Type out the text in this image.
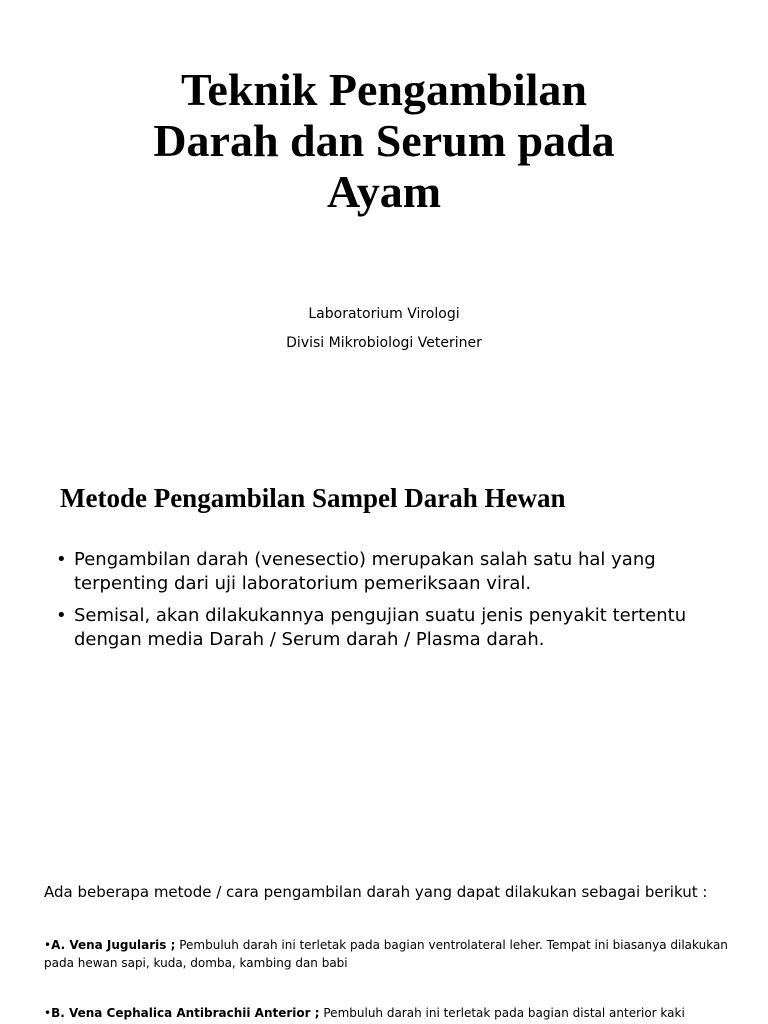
Teknik Pengambilan
Darah dan Serum pada
Ayam
Laboratorium Virologi
Divisi Mikrobiologi Veteriner
Metode Pengambilan Sampel Darah Hewan
• Pengambilan darah (venesectio) merupakan salah satu hal yang terpenting dari uji laboratorium pemeriksaan viral.
• Semisal, akan dilakukannya pengujian suatu jenis penyakit tertentu dengan media Darah / Serum darah / Plasma darah.
Ada beberapa metode / cara pengambilan darah yang dapat dilakukan sebagai berikut :
•A. Vena Jugularis ; Pembuluh darah ini terletak pada bagian ventrolateral leher. Tempat ini biasanya dilakukan pada hewan sapi, kuda, domba, kambing dan babi
•B. Vena Cephalica Antibrachii Anterior ; Pembuluh darah ini terletak pada bagian distal anterior kaki
